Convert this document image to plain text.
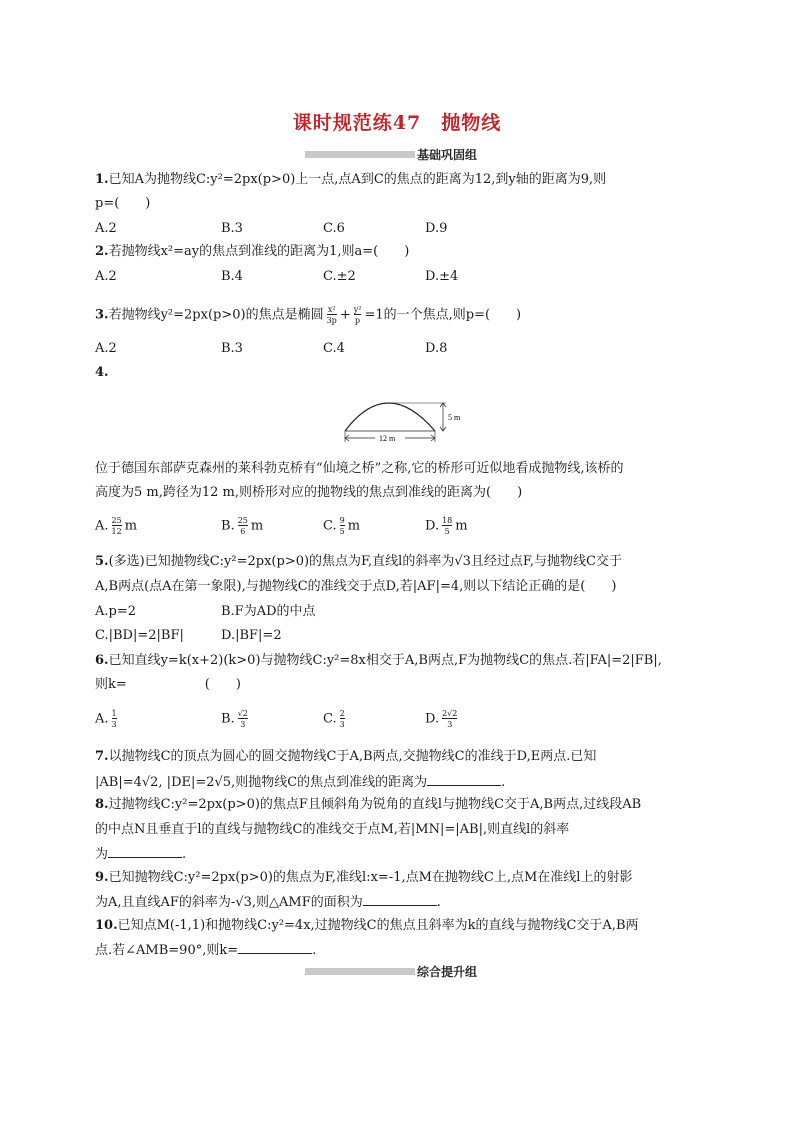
课时规范练47　抛物线
基础巩固组
1.已知A为抛物线C:y²=2px(p>0)上一点,点A到C的焦点的距离为12,到y轴的距离为9,则
p=(　　)
A.2	B.3	C.6	D.9
2.若抛物线x²=ay的焦点到准线的距离为1,则a=(　　)
A.2	B.4	C.±2	D.±4
3.若抛物线y²=2px(p>0)的焦点是椭圆 $\frac{\text{x²}}{3p} + \frac{\text{y²}}{p} =1$的一个焦点,则p=(　　)
A.2	B.3	C.4	D.8
4.
5 m
12 m
位于德国东部萨克森州的莱科勃克桥有“仙境之桥”之称,它的桥形可近似地看成抛物线,该桥的
高度为5 m,跨径为12 m,则桥形对应的抛物线的焦点到准线的距离为(　　)
A. $\frac{25}{12}$ m	B. $\frac{25}{6}$ m	C. $\frac{9}{5}$ m	D. $\frac{18}{5}$ m
5.(多选)已知抛物线C:y²=2px(p>0)的焦点为F,直线l的斜率为√3且经过点F,与抛物线C交于
A,B两点(点A在第一象限),与抛物线C的准线交于点D,若|AF|=4,则以下结论正确的是(　　)
A.p=2	B.F为AD的中点
C.|BD|=2|BF|	D.|BF|=2
6.已知直线y=k(x+2)(k>0)与抛物线C:y²=8x相交于A,B两点,F为抛物线C的焦点.若|FA|=2|FB|,
则k=　　　　　　(　　)
A. $\frac{1}{3}$	B. $\frac{√2}{3}$	C. $\frac{2}{3}$	D. $\frac{2√2}{3}$
7.以抛物线C的顶点为圆心的圆交抛物线C于A,B两点,交抛物线C的准线于D,E两点.已知
|AB|=4√2, |DE|=2√5,则抛物线C的焦点到准线的距离为	.
8.过抛物线C:y²=2px(p>0)的焦点F且倾斜角为锐角的直线l与抛物线C交于A,B两点,过线段AB
的中点N且垂直于l的直线与抛物线C的准线交于点M,若|MN|=|AB|,则直线l的斜率
为	.
9.已知抛物线C:y²=2px(p>0)的焦点为F,准线l:x=-1,点M在抛物线C上,点M在准线l上的射影
为A,且直线AF的斜率为-√3,则△AMF的面积为	.
10.已知点M(-1,1)和抛物线C:y²=4x,过抛物线C的焦点且斜率为k的直线与抛物线C交于A,B两
点.若∠AMB=90°,则k=	.
综合提升组
